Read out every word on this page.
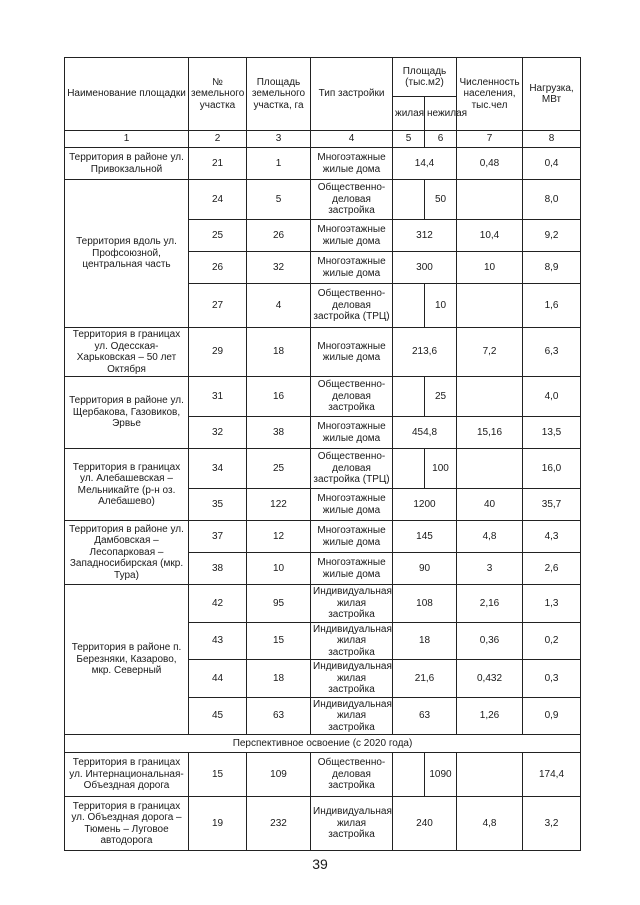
Наименование площадки	№ земельного участка	Площадь земельного участка, га	Тип застройки	Площадь (тыс.м2)		Численность населения, тыс.чел	Нагрузка, МВт
				жилая	нежилая		
1	2	3	4	5	6	7	8
Территория в районе ул. Привокзальной	21	1	Многоэтажные жилые дома	14,4		0,48	0,4
Территория вдоль ул. Профсоюзной, центральная часть	24	5	Общественно-деловая застройка		50		8,0
	25	26	Многоэтажные жилые дома	312		10,4	9,2
	26	32	Многоэтажные жилые дома	300		10	8,9
	27	4	Общественно-деловая застройка (ТРЦ)		10		1,6
Территория в границах ул. Одесская-Харьковская – 50 лет Октября	29	18	Многоэтажные жилые дома	213,6		7,2	6,3
Территория в районе ул. Щербакова, Газовиков, Эрвье	31	16	Общественно-деловая застройка		25		4,0
	32	38	Многоэтажные жилые дома	454,8		15,16	13,5
Территория в границах ул. Алебашевская – Мельникайте (р-н оз. Алебашево)	34	25	Общественно-деловая застройка (ТРЦ)		100		16,0
	35	122	Многоэтажные жилые дома	1200		40	35,7
Территория в районе ул. Дамбовская – Лесопарковая – Западносибирская (мкр. Тура)	37	12	Многоэтажные жилые дома	145		4,8	4,3
	38	10	Многоэтажные жилые дома	90		3	2,6
Территория в районе п. Березняки, Казарово, мкр. Северный	42	95	Индивидуальная жилая застройка	108		2,16	1,3
	43	15	Индивидуальная жилая застройка	18		0,36	0,2
	44	18	Индивидуальная жилая застройка	21,6		0,432	0,3
	45	63	Индивидуальная жилая застройка	63		1,26	0,9
Перспективное освоение (с 2020 года)							
Территория в границах ул. Интернациональная-Объездная дорога	15	109	Общественно-деловая застройка		1090		174,4
Территория в границах ул. Объездная дорога – Тюмень – Луговое автодорога	19	232	Индивидуальная жилая застройка	240		4,8	3,2
39
